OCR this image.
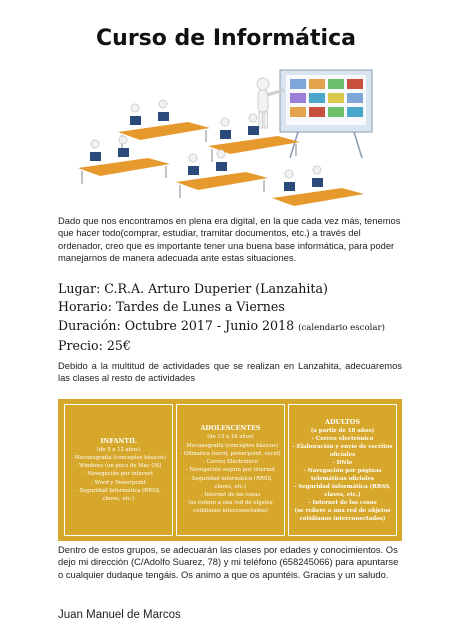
Curso de Informática

Dado que nos encontramos en plena era digital, en la que cada vez más, tenemos que hacer todo(comprar, estudiar, tramitar documentos, etc.) a través del ordenador, creo que es importante tener una buena base informática, para poder manejarnos de manera adecuada ante estas situaciones.

Lugar: C.R.A. Arturo Duperier (Lanzahita)
Horario: Tardes de Lunes a Viernes
Duración: Octubre 2017 - Junio 2018 (calendario escolar)
Precio: 25€

Debido a la multitud de actividades que se realizan en Lanzahita, adecuaremos las clases al resto de actividades

INFANTIL
(de 5 a 12 años)
- Mecanografía (conceptos básicos)
- Windows (un poco de Mac OS)
- Navegación por internet
- Word y Powerpoint
- Seguridad Informática (RRSS, claves, etc.)
ADOLESCENTES
(de 13 a 18 años)
- Mecanografía (conceptos básicos)
- Ofimatica (word, powerpoint, excel)
- Correo Electrónico
- Navegación segura por internet
- Seguridad informática (RRSS, claves, etc.)
- Internet de las cosas
(se refiere a una red de objetos cotidianos interconectados)
ADULTOS
(a partir de 18 años)
- Correo electrónico
- Elaboración y envío de escritos oficiales
- DNIe
- Navegación por páginas telemáticas oficiales
- Seguridad informática (RRSS, claves, etc.)
- Internet de las cosas
(se refiere a una red de objetos cotidianos interconectados)

Dentro de estos grupos, se adecuarán las clases por edades y conocimientos. Os dejo mi dirección (C/Adolfo Suarez, 78) y mi teléfono (658245066) para apuntarse o cualquier dudaque tengáis. Os animo a que os apuntéis. Gracias y un saludo.

Juan Manuel de Marcos
